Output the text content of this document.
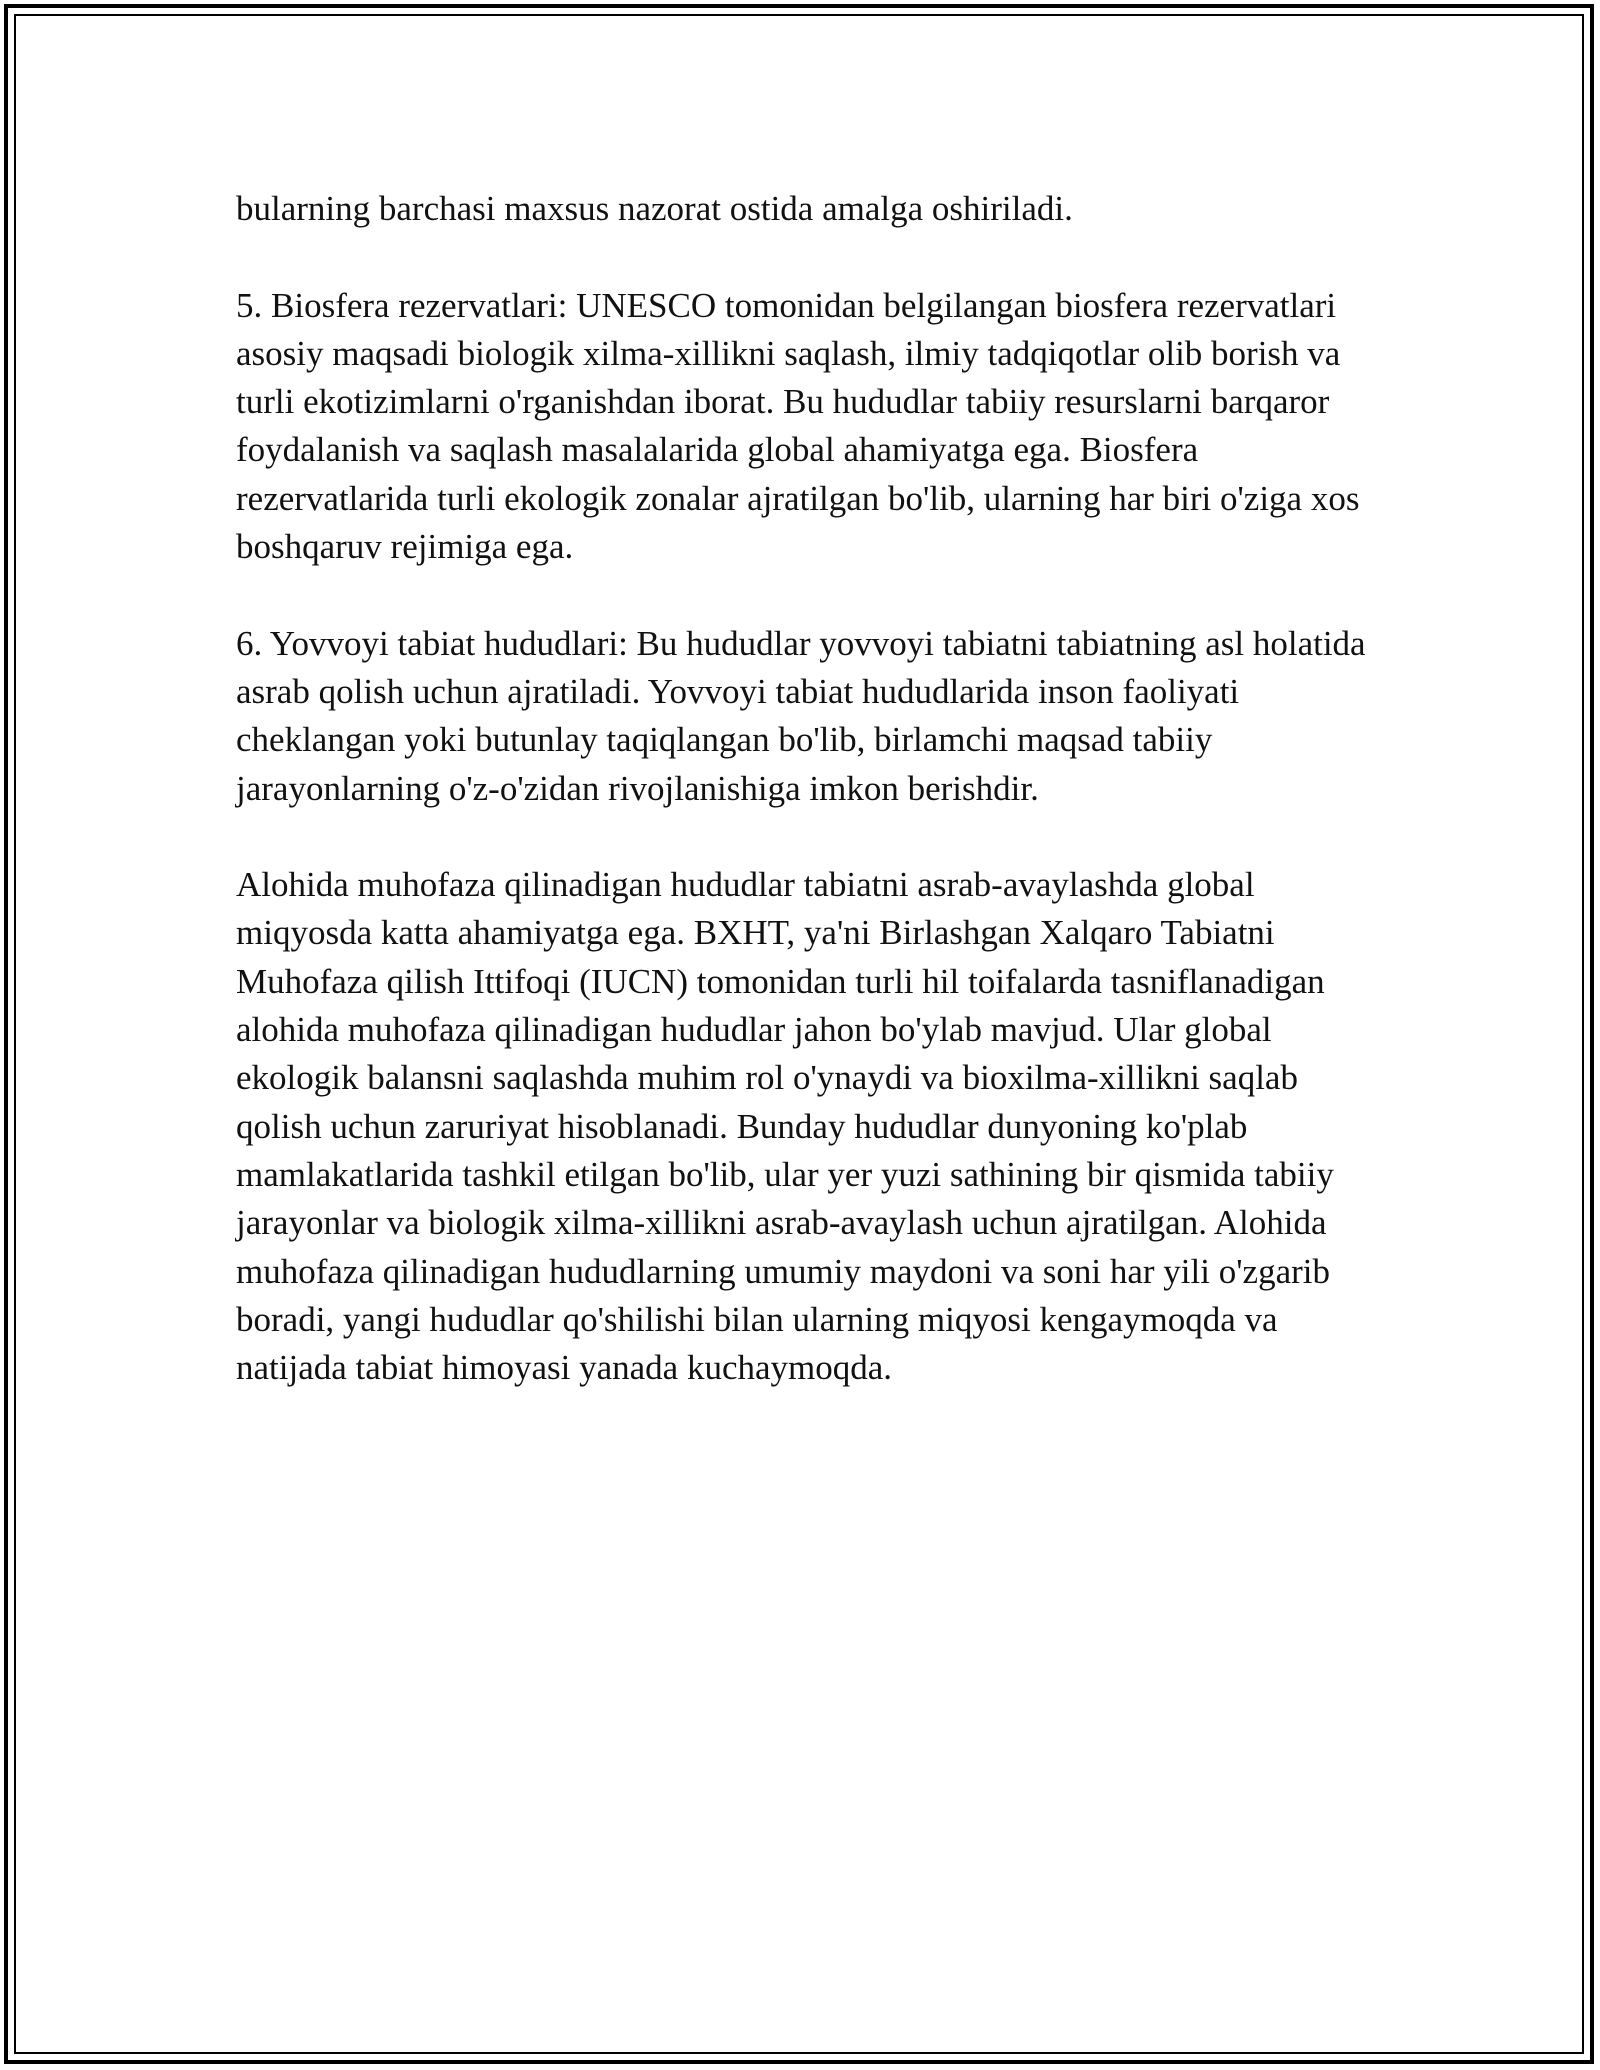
bularning barchasi maxsus nazorat ostida amalga oshiriladi.

5. Biosfera rezervatlari: UNESCO tomonidan belgilangan biosfera rezervatlari asosiy maqsadi biologik xilma-xillikni saqlash, ilmiy tadqiqotlar olib borish va turli ekotizimlarni o'rganishdan iborat. Bu hududlar tabiiy resurslarni barqaror foydalanish va saqlash masalalarida global ahamiyatga ega. Biosfera rezervatlarida turli ekologik zonalar ajratilgan bo'lib, ularning har biri o'ziga xos boshqaruv rejimiga ega.

6. Yovvoyi tabiat hududlari: Bu hududlar yovvoyi tabiatni tabiatning asl holatida asrab qolish uchun ajratiladi. Yovvoyi tabiat hududlarida inson faoliyati cheklangan yoki butunlay taqiqlangan bo'lib, birlamchi maqsad tabiiy jarayonlarning o'z-o'zidan rivojlanishiga imkon berishdir.

Alohida muhofaza qilinadigan hududlar tabiatni asrab-avaylashda global miqyosda katta ahamiyatga ega. BXHT, ya'ni Birlashgan Xalqaro Tabiatni Muhofaza qilish Ittifoqi (IUCN) tomonidan turli hil toifalarda tasniflanadigan alohida muhofaza qilinadigan hududlar jahon bo'ylab mavjud. Ular global ekologik balansni saqlashda muhim rol o'ynaydi va bioxilma-xillikni saqlab qolish uchun zaruriyat hisoblanadi. Bunday hududlar dunyoning ko'plab mamlakatlarida tashkil etilgan bo'lib, ular yer yuzi sathining bir qismida tabiiy jarayonlar va biologik xilma-xillikni asrab-avaylash uchun ajratilgan. Alohida muhofaza qilinadigan hududlarning umumiy maydoni va soni har yili o'zgarib boradi, yangi hududlar qo'shilishi bilan ularning miqyosi kengaymoqda va natijada tabiat himoyasi yanada kuchaymoqda.
